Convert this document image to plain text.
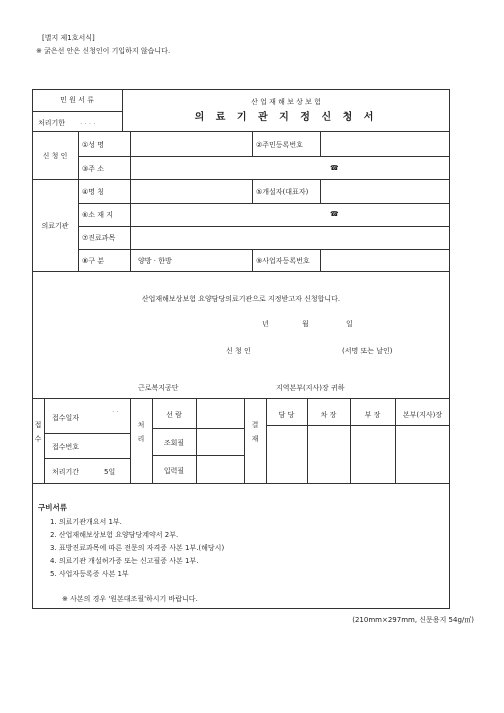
[별지 제1호서식]
※ 굵은선 안은 신청인이 기입하지 않습니다.
민 원 서 류
처리기한 . . . .
산 업 재 해 보 상 보 험
의 료 기 관 지 정 신 청 서
신 청 인
①성 명	②주민등록번호
③주 소	☎
의료기관
④명 칭	⑤개설자(대표자)
⑥소 재 지	☎
⑦진료과목
⑧구 분	양방 · 한방	⑨사업자등록번호
산업재해보상보험 요양담당의료기관으로 지정받고자 신청합니다.
년	월	일
신 청 인	(서명 또는 날인)
근로복지공단	지역본부(지사)장 귀하
접

수
접수일자
. .
접수번호
처리기간	5일
처

리
선 람
조회필
입력필
결

재
담 당	차 장	부 장	본부(지사)장
구비서류
1. 의료기관개요서 1부.
2. 산업재해보상보험 요양담당계약서 2부.
3. 표방진료과목에 따른 전문의 자격증 사본 1부.(해당시)
4. 의료기관 개설허가증 또는 신고필증 사본 1부.
5. 사업자등록증 사본 1부
※ 사본의 경우 '원본대조필'하시기 바랍니다.
(210mm×297mm, 신문용지 54g/㎡)
